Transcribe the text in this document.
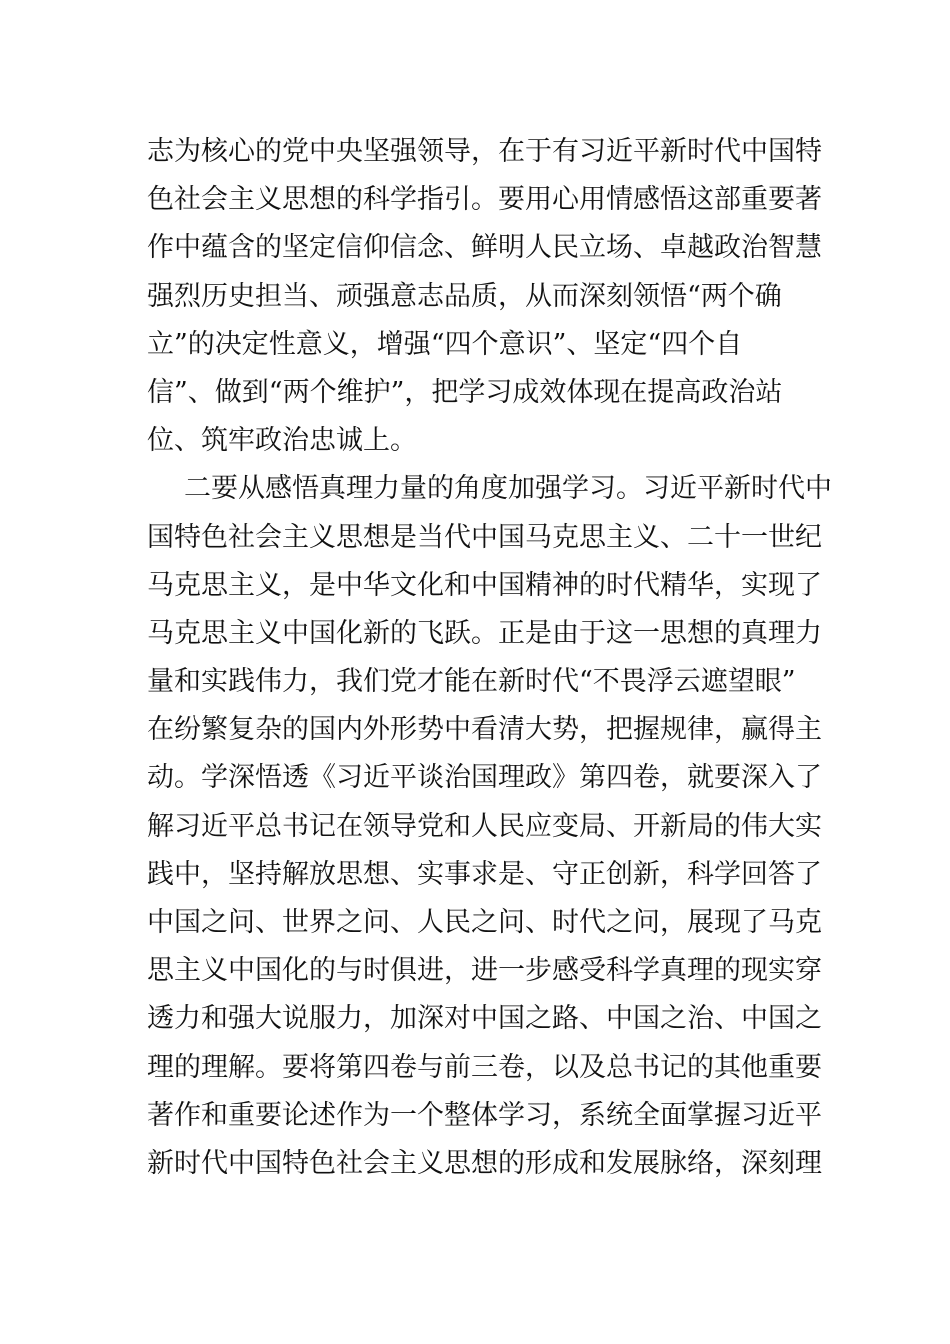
志为核心的党中央坚强领导，在于有习近平新时代中国特
色社会主义思想的科学指引。要用心用情感悟这部重要著
作中蕴含的坚定信仰信念、鲜明人民立场、卓越政治智慧
强烈历史担当、顽强意志品质，从而深刻领悟“两个确
立”的决定性意义，增强“四个意识”、坚定“四个自
信”、做到“两个维护”，把学习成效体现在提高政治站
位、筑牢政治忠诚上。
二要从感悟真理力量的角度加强学习。习近平新时代中
国特色社会主义思想是当代中国马克思主义、二十一世纪
马克思主义，是中华文化和中国精神的时代精华，实现了
马克思主义中国化新的飞跃。正是由于这一思想的真理力
量和实践伟力，我们党才能在新时代“不畏浮云遮望眼”
在纷繁复杂的国内外形势中看清大势，把握规律，赢得主
动。学深悟透《习近平谈治国理政》第四卷，就要深入了
解习近平总书记在领导党和人民应变局、开新局的伟大实
践中，坚持解放思想、实事求是、守正创新，科学回答了
中国之问、世界之问、人民之问、时代之问，展现了马克
思主义中国化的与时俱进，进一步感受科学真理的现实穿
透力和强大说服力，加深对中国之路、中国之治、中国之
理的理解。要将第四卷与前三卷，以及总书记的其他重要
著作和重要论述作为一个整体学习，系统全面掌握习近平
新时代中国特色社会主义思想的形成和发展脉络，深刻理
